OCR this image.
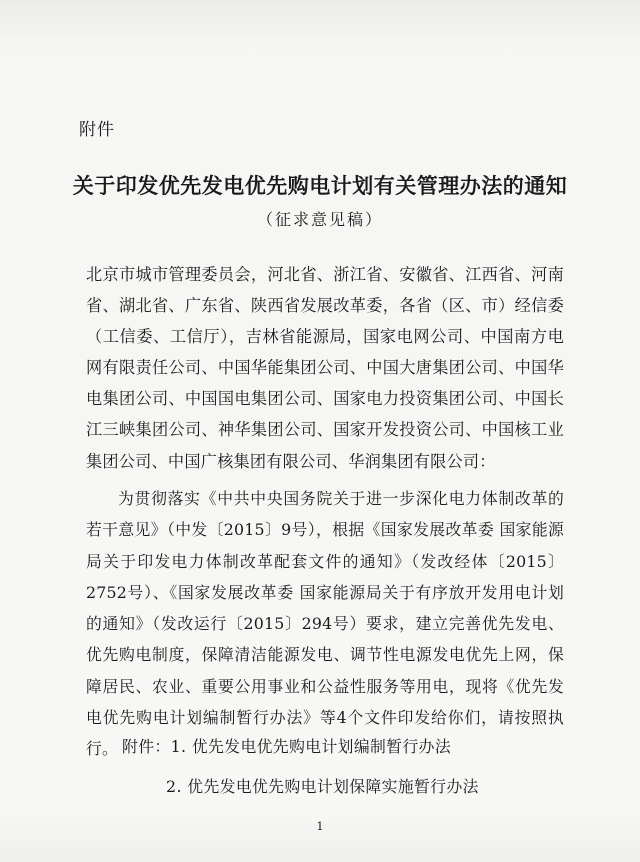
附件
关于印发优先发电优先购电计划有关管理办法的通知
（征求意见稿）
北京市城市管理委员会，河北省、浙江省、安徽省、江西省、河南省、湖北省、广东省、陕西省发展改革委，各省（区、市）经信委（工信委、工信厅），吉林省能源局，国家电网公司、中国南方电网有限责任公司、中国华能集团公司、中国大唐集团公司、中国华电集团公司、中国国电集团公司、国家电力投资集团公司、中国长江三峡集团公司、神华集团公司、国家开发投资公司、中国核工业集团公司、中国广核集团有限公司、华润集团有限公司：
为贯彻落实《中共中央国务院关于进一步深化电力体制改革的若干意见》（中发〔2015〕9号），根据《国家发展改革委 国家能源局关于印发电力体制改革配套文件的通知》（发改经体〔2015〕2752号）、《国家发展改革委 国家能源局关于有序放开发用电计划的通知》（发改运行〔2015〕294号）要求，建立完善优先发电、优先购电制度，保障清洁能源发电、调节性电源发电优先上网，保障居民、农业、重要公用事业和公益性服务等用电，现将《优先发电优先购电计划编制暂行办法》等4个文件印发给你们，请按照执行。 附件：1. 优先发电优先购电计划编制暂行办法
2. 优先发电优先购电计划保障实施暂行办法
1
